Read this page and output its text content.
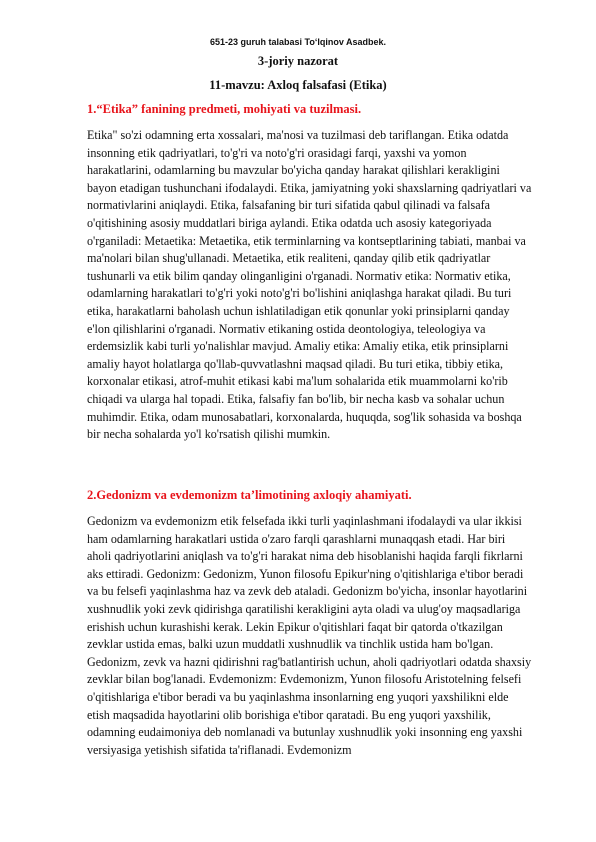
651-23 guruh talabasi To‘lqinov Asadbek.
3-joriy nazorat
11-mavzu: Axloq falsafasi (Etika)
1.“Etika” fanining predmeti, mohiyati va tuzilmasi.

Etika" so'zi odamning erta xossalari, ma'nosi va tuzilmasi deb tariflangan. Etika odatda insonning etik qadriyatlari, to'g'ri va noto'g'ri orasidagi farqi, yaxshi va yomon harakatlarini, odamlarning bu mavzular bo'yicha qanday harakat qilishlari kerakligini bayon etadigan tushunchani ifodalaydi. Etika, jamiyatning yoki shaxslarning qadriyatlari va normativlarini aniqlaydi. Etika, falsafaning bir turi sifatida qabul qilinadi va falsafa o'qitishining asosiy muddatlari biriga aylandi. Etika odatda uch asosiy kategoriyada o'rganiladi: Metaetika: Metaetika, etik terminlarning va kontseptlarining tabiati, manbai va ma'nolari bilan shug'ullanadi. Metaetika, etik realiteni, qanday qilib etik qadriyatlar tushunarli va etik bilim qanday olinganligini o'rganadi. Normativ etika: Normativ etika, odamlarning harakatlari to'g'ri yoki noto'g'ri bo'lishini aniqlashga harakat qiladi. Bu turi etika, harakatlarni baholash uchun ishlatiladigan etik qonunlar yoki prinsiplarni qanday e'lon qilishlarini o'rganadi. Normativ etikaning ostida deontologiya, teleologiya va erdemsizlik kabi turli yo'nalishlar mavjud. Amaliy etika: Amaliy etika, etik prinsiplarni amaliy hayot holatlarga qo'llab-quvvatlashni maqsad qiladi. Bu turi etika, tibbiy etika, korxonalar etikasi, atrof-muhit etikasi kabi ma'lum sohalarida etik muammolarni ko'rib chiqadi va ularga hal topadi. Etika, falsafiy fan bo'lib, bir necha kasb va sohalar uchun muhimdir. Etika, odam munosabatlari, korxonalarda, huquqda, sog'lik sohasida va boshqa bir necha sohalarda yo'l ko'rsatish qilishi mumkin.

2.Gedonizm va evdemonizm ta’limotining axloqiy ahamiyati.

Gedonizm va evdemonizm etik felsefada ikki turli yaqinlashmani ifodalaydi va ular ikkisi ham odamlarning harakatlari ustida o'zaro farqli qarashlarni munaqqash etadi. Har biri aholi qadriyotlarini aniqlash va to'g'ri harakat nima deb hisoblanishi haqida farqli fikrlarni aks ettiradi. Gedonizm: Gedonizm, Yunon filosofu Epikur'ning o'qitishlariga e'tibor beradi va bu felsefi yaqinlashma haz va zevk deb ataladi. Gedonizm bo'yicha, insonlar hayotlarini xushnudlik yoki zevk qidirishga qaratilishi kerakligini ayta oladi va ulug'oy maqsadlariga erishish uchun kurashishi kerak. Lekin Epikur o'qitishlari faqat bir qatorda o'tkazilgan zevklar ustida emas, balki uzun muddatli xushnudlik va tinchlik ustida ham bo'lgan. Gedonizm, zevk va hazni qidirishni rag'batlantirish uchun, aholi qadriyotlari odatda shaxsiy zevklar bilan bog'lanadi. Evdemonizm: Evdemonizm, Yunon filosofu Aristotelning felsefi o'qitishlariga e'tibor beradi va bu yaqinlashma insonlarning eng yuqori yaxshilikni elde etish maqsadida hayotlarini olib borishiga e'tibor qaratadi. Bu eng yuqori yaxshilik, odamning eudaimoniya deb nomlanadi va butunlay xushnudlik yoki insonning eng yaxshi versiyasiga yetishish sifatida ta'riflanadi. Evdemonizm
